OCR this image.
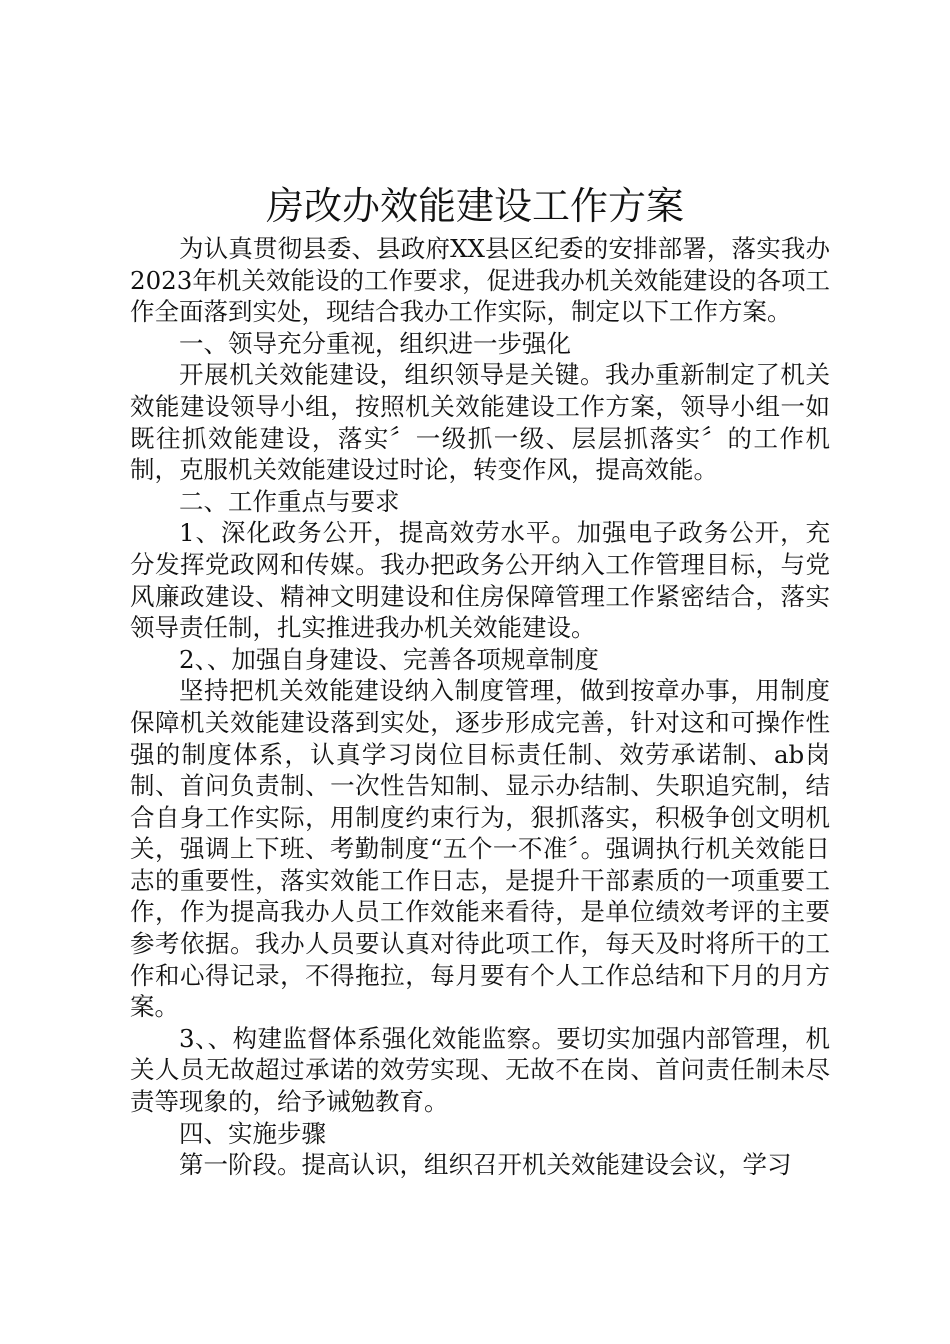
房改办效能建设工作方案

为认真贯彻县委、县政府XX县区纪委的安排部署，落实我办2023年机关效能设的工作要求，促进我办机关效能建设的各项工作全面落到实处，现结合我办工作实际，制定以下工作方案。

一、领导充分重视，组织进一步强化

开展机关效能建设，组织领导是关键。我办重新制定了机关效能建设领导小组，按照机关效能建设工作方案，领导小组一如既往抓效能建设，落实〞一级抓一级、层层抓落实〞的工作机制，克服机关效能建设过时论，转变作风，提高效能。

二、工作重点与要求

1、深化政务公开，提高效劳水平。加强电子政务公开，充分发挥党政网和传媒。我办把政务公开纳入工作管理目标，与党风廉政建设、精神文明建设和住房保障管理工作紧密结合，落实领导责任制，扎实推进我办机关效能建设。

2、、加强自身建设、完善各项规章制度

坚持把机关效能建设纳入制度管理，做到按章办事，用制度保障机关效能建设落到实处，逐步形成完善，针对这和可操作性强的制度体系，认真学习岗位目标责任制、效劳承诺制、ab岗制、首问负责制、一次性告知制、显示办结制、失职追究制，结合自身工作实际，用制度约束行为，狠抓落实，积极争创文明机关，强调上下班、考勤制度“五个一不准〞。强调执行机关效能日志的重要性，落实效能工作日志，是提升干部素质的一项重要工作，作为提高我办人员工作效能来看待，是单位绩效考评的主要参考依据。我办人员要认真对待此项工作，每天及时将所干的工作和心得记录，不得拖拉，每月要有个人工作总结和下月的月方案。

3、、构建监督体系强化效能监察。要切实加强内部管理，机关人员无故超过承诺的效劳实现、无故不在岗、首问责任制未尽责等现象的，给予诫勉教育。

四、实施步骤

第一阶段。提高认识，组织召开机关效能建设会议，学习
